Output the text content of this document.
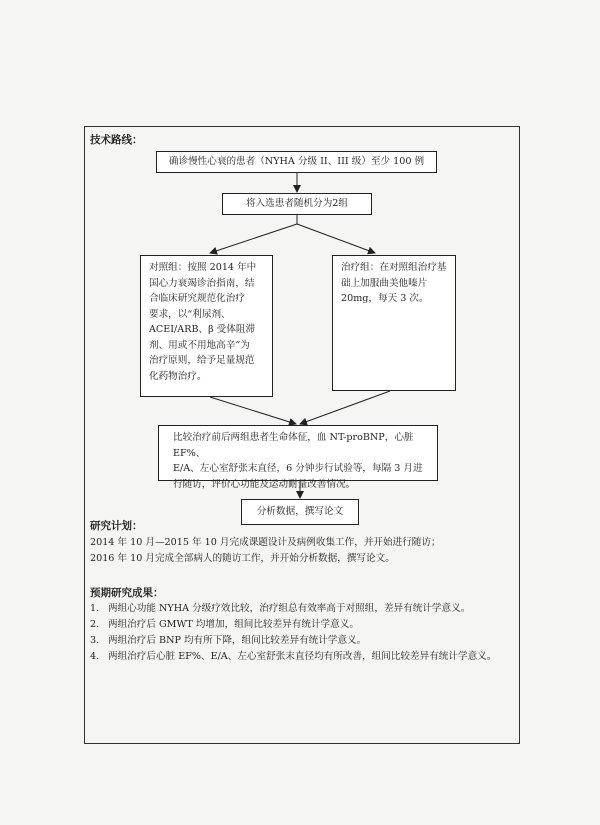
技术路线：
确诊慢性心衰的患者（NYHA 分级 II、III 级）至少 100 例
将入选患者随机分为2组
对照组：按照 2014 年中
国心力衰竭诊治指南，结
合临床研究规范化治疗
要求，以“利尿剂、
ACEI/ARB、β 受体阻滞
剂、用或不用地高辛”为
治疗原则，给予足量规范
化药物治疗。
治疗组：在对照组治疗基
础上加服曲美他嗪片
20mg，每天 3 次。
比较治疗前后两组患者生命体征，血 NT-proBNP，心脏 EF%、
E/A、左心室舒张末直径，6 分钟步行试验等，每隔 3 月进
行随访，评价心功能及运动耐量改善情况。
分析数据，撰写论文
研究计划：
2014 年 10 月—2015 年 10 月完成课题设计及病例收集工作，并开始进行随访；
2016 年 10 月完成全部病人的随访工作，并开始分析数据，撰写论文。
预期研究成果：
1. 两组心功能 NYHA 分级疗效比较，治疗组总有效率高于对照组，差异有统计学意义。
2. 两组治疗后 GMWT 均增加，组间比较差异有统计学意义。
3. 两组治疗后 BNP 均有所下降，组间比较差异有统计学意义。
4. 两组治疗后心脏 EF%、E/A、左心室舒张末直径均有所改善，组间比较差异有统计学意义。
